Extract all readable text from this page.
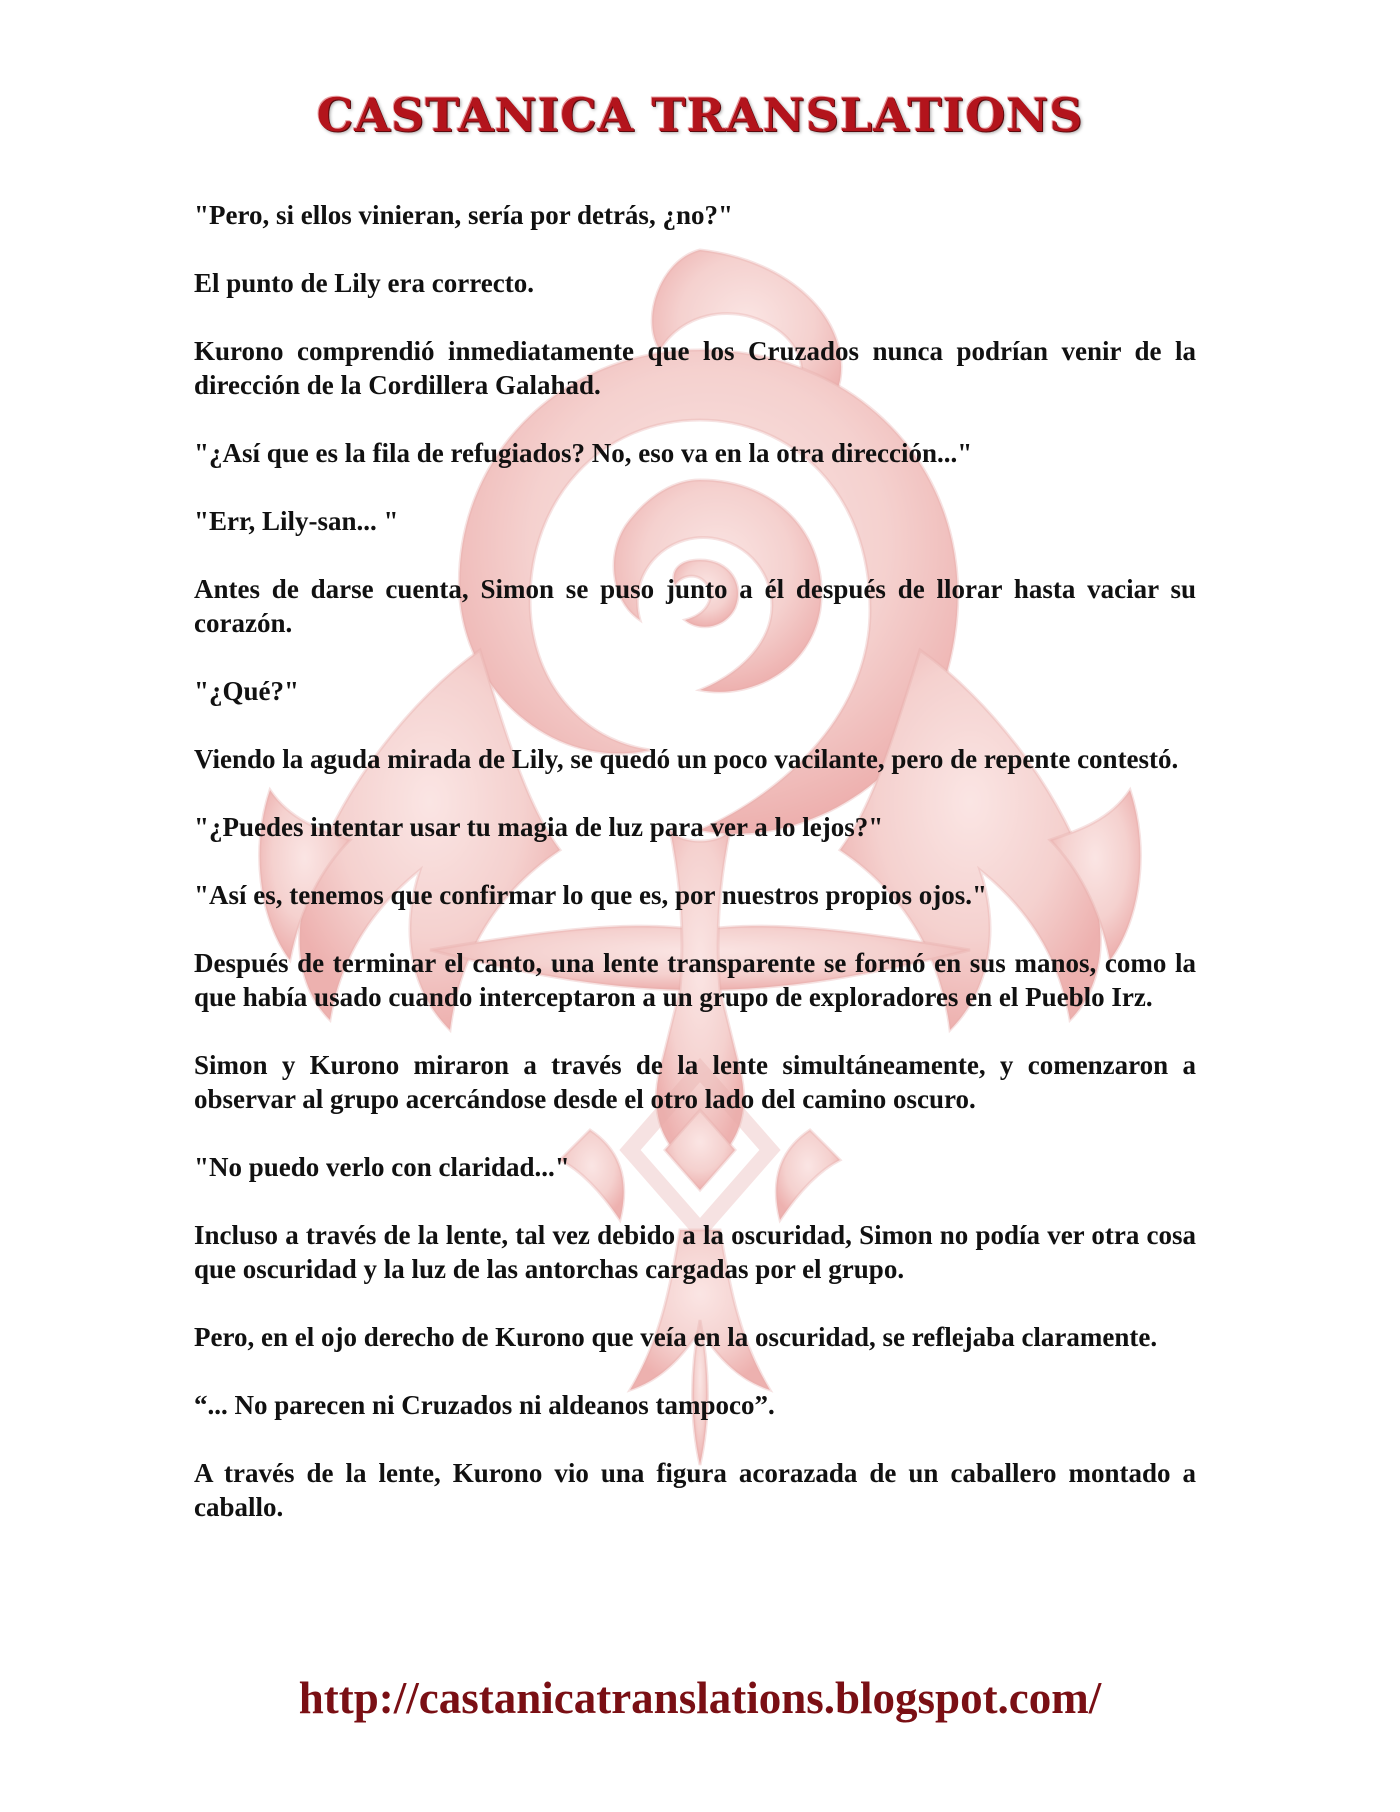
CASTANICA TRANSLATIONS

"Pero, si ellos vinieran, sería por detrás, ¿no?"

El punto de Lily era correcto.

Kurono comprendió inmediatamente que los Cruzados nunca podrían venir de la dirección de la Cordillera Galahad.

"¿Así que es la fila de refugiados? No, eso va en la otra dirección..."

"Err, Lily-san... "

Antes de darse cuenta, Simon se puso junto a él después de llorar hasta vaciar su corazón.

"¿Qué?"

Viendo la aguda mirada de Lily, se quedó un poco vacilante, pero de repente contestó.

"¿Puedes intentar usar tu magia de luz para ver a lo lejos?"

"Así es, tenemos que confirmar lo que es, por nuestros propios ojos."

Después de terminar el canto, una lente transparente se formó en sus manos, como la que había usado cuando interceptaron a un grupo de exploradores en el Pueblo Irz.

Simon y Kurono miraron a través de la lente simultáneamente, y comenzaron a observar al grupo acercándose desde el otro lado del camino oscuro.

"No puedo verlo con claridad..."

Incluso a través de la lente, tal vez debido a la oscuridad, Simon no podía ver otra cosa que oscuridad y la luz de las antorchas cargadas por el grupo.

Pero, en el ojo derecho de Kurono que veía en la oscuridad, se reflejaba claramente.

“... No parecen ni Cruzados ni aldeanos tampoco”.

A través de la lente, Kurono vio una figura acorazada de un caballero montado a caballo.

http://castanicatranslations.blogspot.com/
